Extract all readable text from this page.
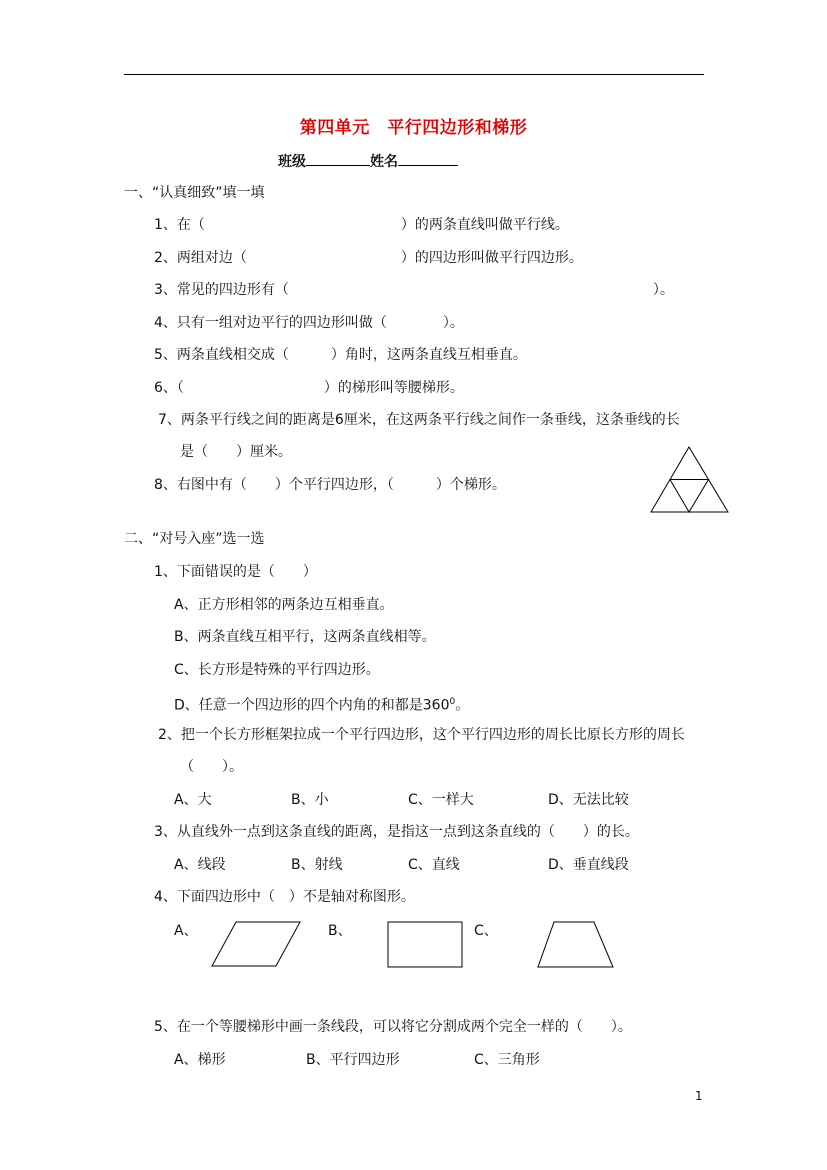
第四单元　平行四边形和梯形
班级	姓名
一、“认真细致”填一填
1、在（　　　　　　　　　　　　　　）的两条直线叫做平行线。
2、两组对边（　　　　　　　　　　　）的四边形叫做平行四边形。
3、常见的四边形有（　　　　　　　　　　　　　　　　　　　　　　　　　　）。
4、只有一组对边平行的四边形叫做（　　　　）。
5、两条直线相交成（　　　）角时，这两条直线互相垂直。
6、（　　　　　　　　　　）的梯形叫等腰梯形。
7、两条平行线之间的距离是6厘米，在这两条平行线之间作一条垂线，这条垂线的长
是（　　）厘米。
8、右图中有（　　）个平行四边形，（　　　）个梯形。
二、“对号入座”选一选
1、下面错误的是（　　）
A、正方形相邻的两条边互相垂直。
B、两条直线互相平行，这两条直线相等。
C、长方形是特殊的平行四边形。
D、任意一个四边形的四个内角的和都是$360^0$。
2、把一个长方形框架拉成一个平行四边形，这个平行四边形的周长比原长方形的周长
（　　）。
A、大	B、小	C、一样大	D、无法比较
3、从直线外一点到这条直线的距离，是指这一点到这条直线的（　　）的长。
A、线段	B、射线	C、直线	D、垂直线段
4、下面四边形中（　）不是轴对称图形。
A、	B、	C、
5、在一个等腰梯形中画一条线段，可以将它分割成两个完全一样的（　　）。
A、梯形	B、平行四边形	C、三角形
1
